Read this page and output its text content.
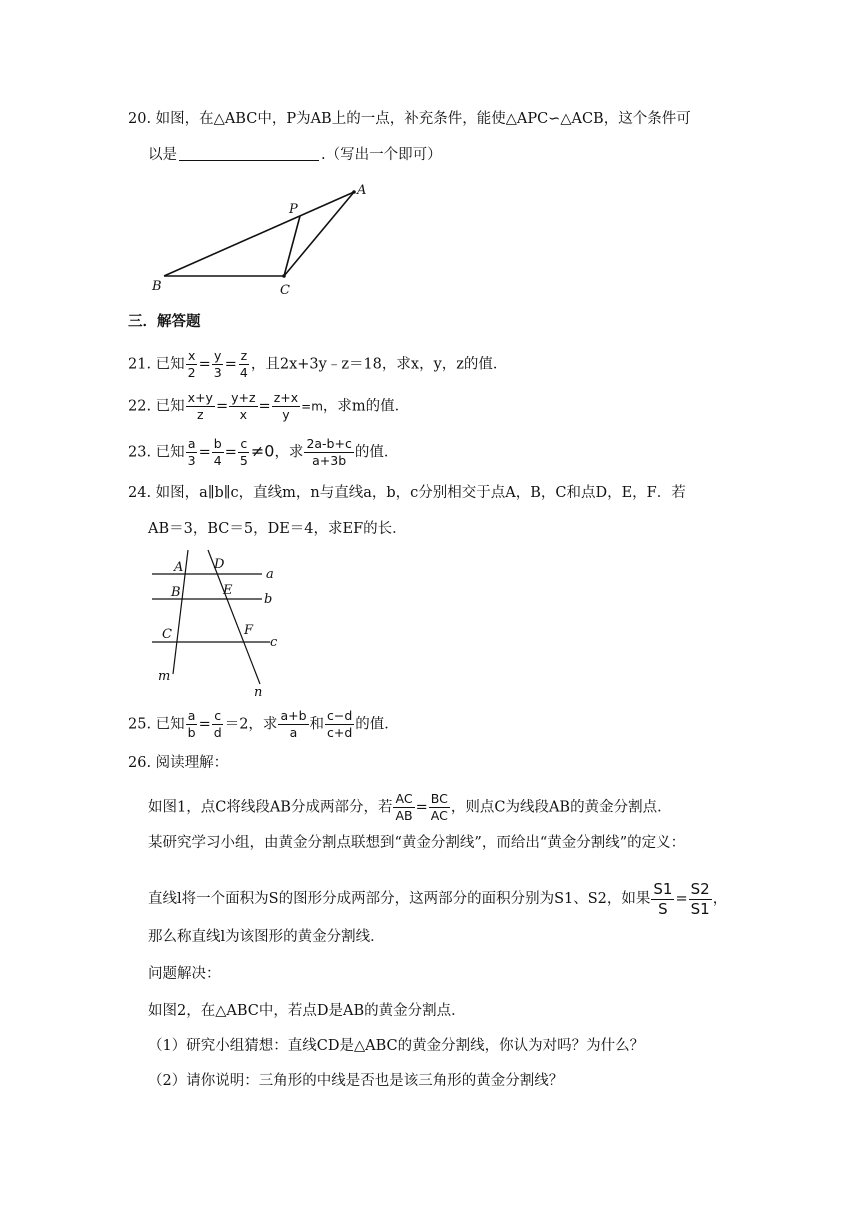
20. 如图，在△ABC中，P为AB上的一点，补充条件，能使△APC∽△ACB，这个条件可
以是	.（写出一个即可）
A
P
B	C
三．解答题
21. 已知 $\frac{x}{2} = \frac{y}{3} = \frac{z}{4}$ ，且2x+3y﹣z＝18，求x，y，z的值．
22. 已知 $\frac{x+y}{z} = \frac{y+z}{x} = \frac{z+x}{y} =m$，求m的值．
23. 已知 $\frac{a}{3} = \frac{b}{4} = \frac{c}{5} \ne 0$，求 $\frac{2a-b+c}{a+3b}$ 的值．
24. 如图，a∥b∥c，直线m，n与直线a，b，c分别相交于点A，B，C和点D，E，F．若
AB＝3，BC＝5，DE＝4，求EF的长．
A D
a
B	E
b
C	F
c
m
n
25. 已知 $\frac{a}{b} = \frac{c}{d} =2$，求 $\frac{a+b}{a}$ 和 $\frac{c-d}{c+d}$ 的值．
26. 阅读理解：
如图1，点C将线段AB分成两部分，若 $\frac{AC}{AB} = \frac{BC}{AC}$ ，则点C为线段AB的黄金分割点．
某研究学习小组，由黄金分割点联想到“黄金分割线”，而给出“黄金分割线”的定义：
直线l将一个面积为S的图形分成两部分，这两部分的面积分别为S1、S2，如果 $\frac{S1}{S} = \frac{S2}{S1}$ ，
那么称直线l为该图形的黄金分割线．
问题解决：
如图2，在△ABC中，若点D是AB的黄金分割点．
（1）研究小组猜想：直线CD是△ABC的黄金分割线，你认为对吗？为什么？
（2）请你说明：三角形的中线是否也是该三角形的黄金分割线？
